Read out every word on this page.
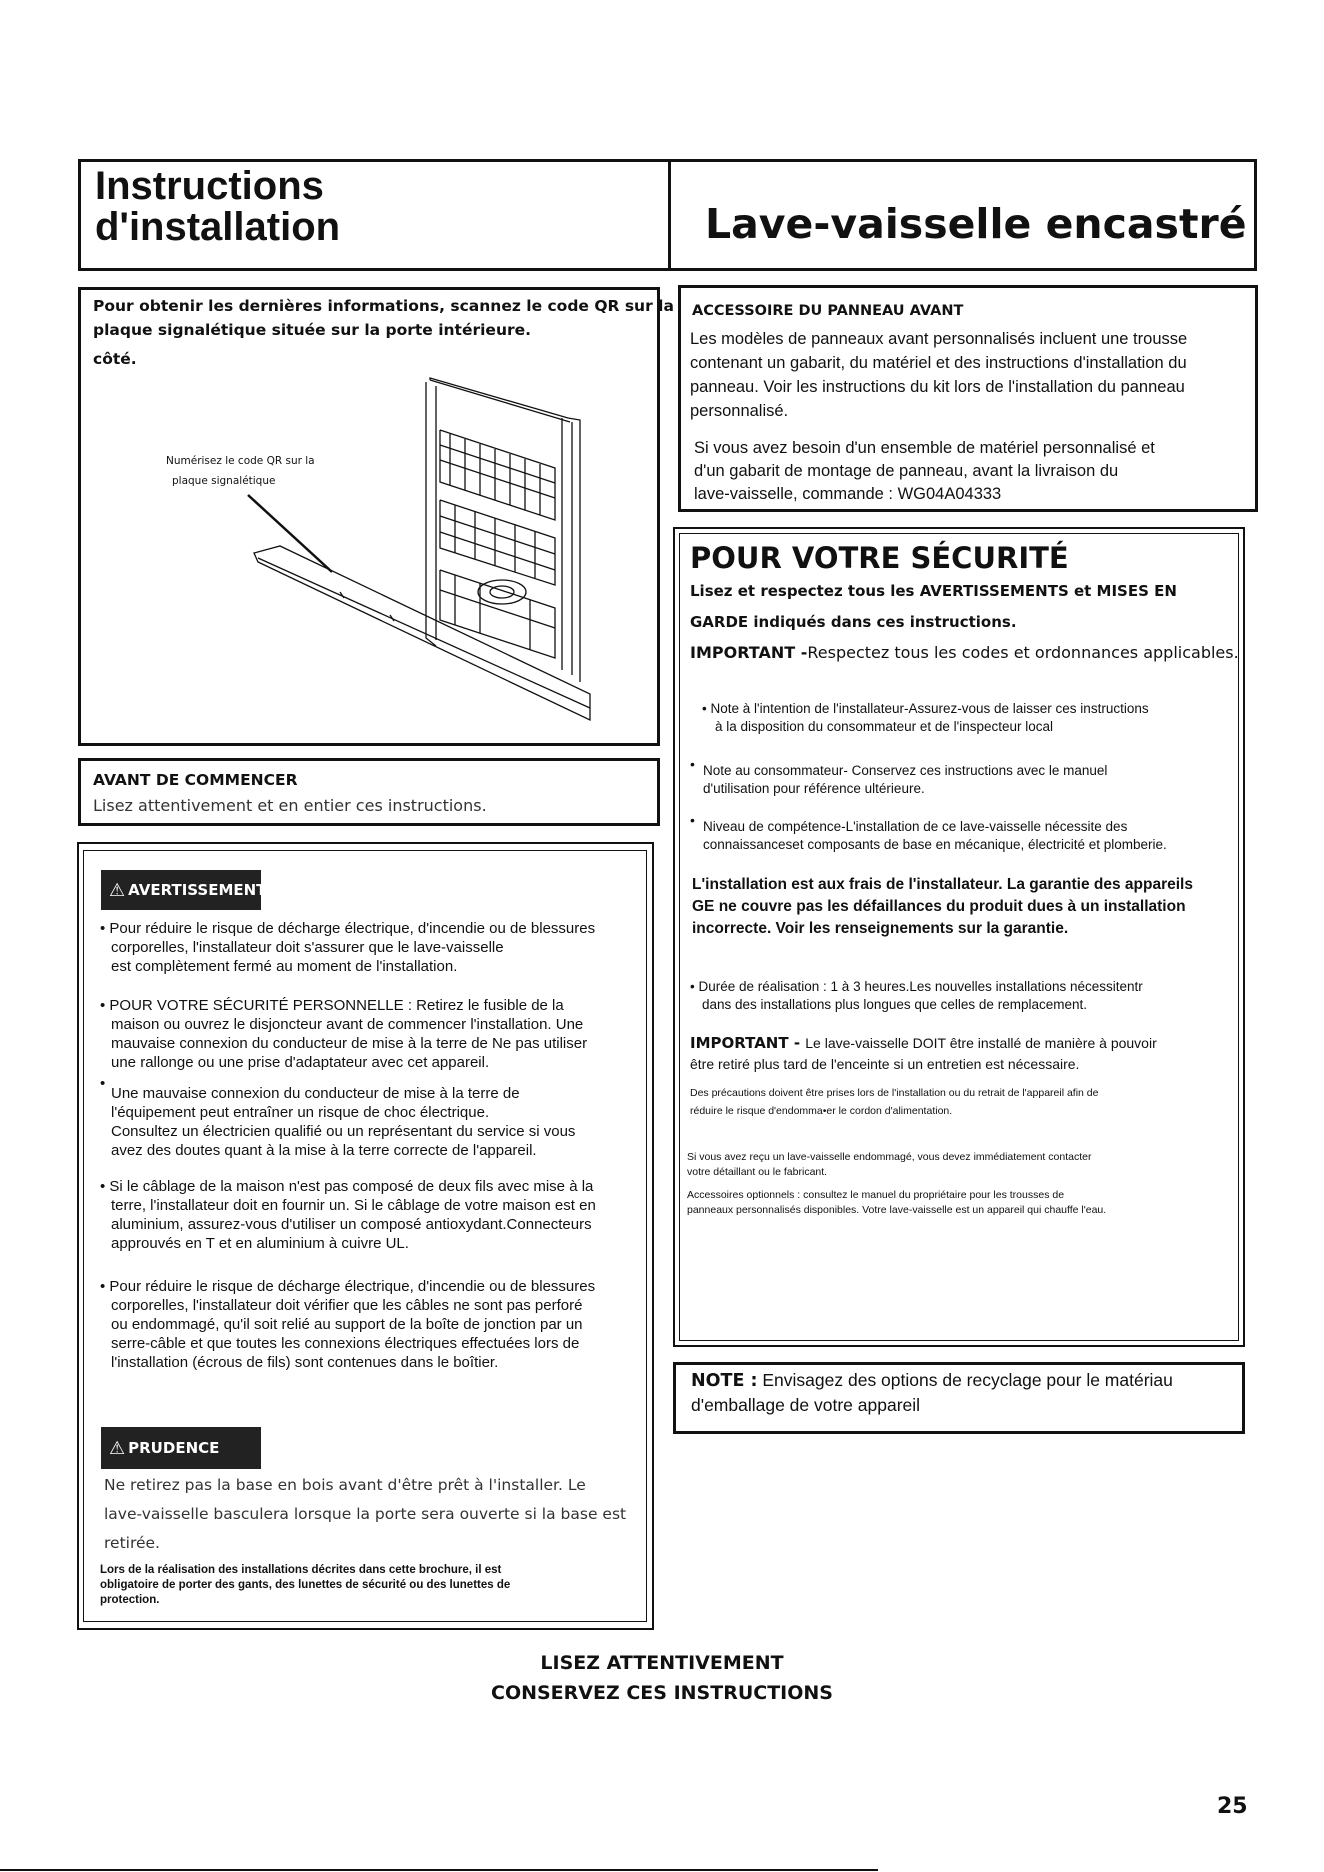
Instructions
d'installation	Lave-vaisselle encastré
Pour obtenir les dernières informations, scannez le code QR sur la
plaque signalétique située sur la porte intérieure.
côté.
Numérisez le code QR sur la
plaque signalétique
AVANT DE COMMENCER
Lisez attentivement et en entier ces instructions.
⚠ AVERTISSEMENT
• Pour réduire le risque de décharge électrique, d'incendie ou de blessures
corporelles, l'installateur doit s'assurer que le lave-vaisselle
est complètement fermé au moment de l'installation.
• POUR VOTRE SÉCURITÉ PERSONNELLE : Retirez le fusible de la
maison ou ouvrez le disjoncteur avant de commencer l'installation. Une
mauvaise connexion du conducteur de mise à la terre de Ne pas utiliser
une rallonge ou une prise d'adaptateur avec cet appareil.
•
Une mauvaise connexion du conducteur de mise à la terre de
l'équipement peut entraîner un risque de choc électrique.
Consultez un électricien qualifié ou un représentant du service si vous
avez des doutes quant à la mise à la terre correcte de l'appareil.
• Si le câblage de la maison n'est pas composé de deux fils avec mise à la
terre, l'installateur doit en fournir un. Si le câblage de votre maison est en
aluminium, assurez-vous d'utiliser un composé antioxydant.Connecteurs
approuvés en T et en aluminium à cuivre UL.
• Pour réduire le risque de décharge électrique, d'incendie ou de blessures
corporelles, l'installateur doit vérifier que les câbles ne sont pas perforé
ou endommagé, qu'il soit relié au support de la boîte de jonction par un
serre-câble et que toutes les connexions électriques effectuées lors de
l'installation (écrous de fils) sont contenues dans le boîtier.
⚠ PRUDENCE
Ne retirez pas la base en bois avant d'être prêt à l'installer. Le
lave-vaisselle basculera lorsque la porte sera ouverte si la base est
retirée.
Lors de la réalisation des installations décrites dans cette brochure, il est
obligatoire de porter des gants, des lunettes de sécurité ou des lunettes de
protection.
ACCESSOIRE DU PANNEAU AVANT
Les modèles de panneaux avant personnalisés incluent une trousse
contenant un gabarit, du matériel et des instructions d'installation du
panneau. Voir les instructions du kit lors de l'installation du panneau
personnalisé.
Si vous avez besoin d'un ensemble de matériel personnalisé et
d'un gabarit de montage de panneau, avant la livraison du
lave-vaisselle, commande : WG04A04333
POUR VOTRE SÉCURITÉ
Lisez et respectez tous les AVERTISSEMENTS et MISES EN
GARDE indiqués dans ces instructions.
IMPORTANT -Respectez tous les codes et ordonnances applicables.
• Note à l'intention de l'installateur-Assurez-vous de laisser ces instructions
à la disposition du consommateur et de l'inspecteur local
• Note au consommateur- Conservez ces instructions avec le manuel
d'utilisation pour référence ultérieure.
• Niveau de compétence-L'installation de ce lave-vaisselle nécessite des
connaissanceset composants de base en mécanique, électricité et plomberie.
L'installation est aux frais de l'installateur. La garantie des appareils
GE ne couvre pas les défaillances du produit dues à un installation
incorrecte. Voir les renseignements sur la garantie.
• Durée de réalisation : 1 à 3 heures.Les nouvelles installations nécessitentr
dans des installations plus longues que celles de remplacement.
IMPORTANT - Le lave-vaisselle DOIT être installé de manière à pouvoir
être retiré plus tard de l'enceinte si un entretien est nécessaire.
Des précautions doivent être prises lors de l'installation ou du retrait de l'appareil afin de
réduire le risque d'endomma•er le cordon d'alimentation.
Si vous avez reçu un lave-vaisselle endommagé, vous devez immédiatement contacter
votre détaillant ou le fabricant.
Accessoires optionnels : consultez le manuel du propriétaire pour les trousses de
panneaux personnalisés disponibles. Votre lave-vaisselle est un appareil qui chauffe l'eau.
NOTE : Envisagez des options de recyclage pour le matériau
d'emballage de votre appareil
LISEZ ATTENTIVEMENT
CONSERVEZ CES INSTRUCTIONS
25
